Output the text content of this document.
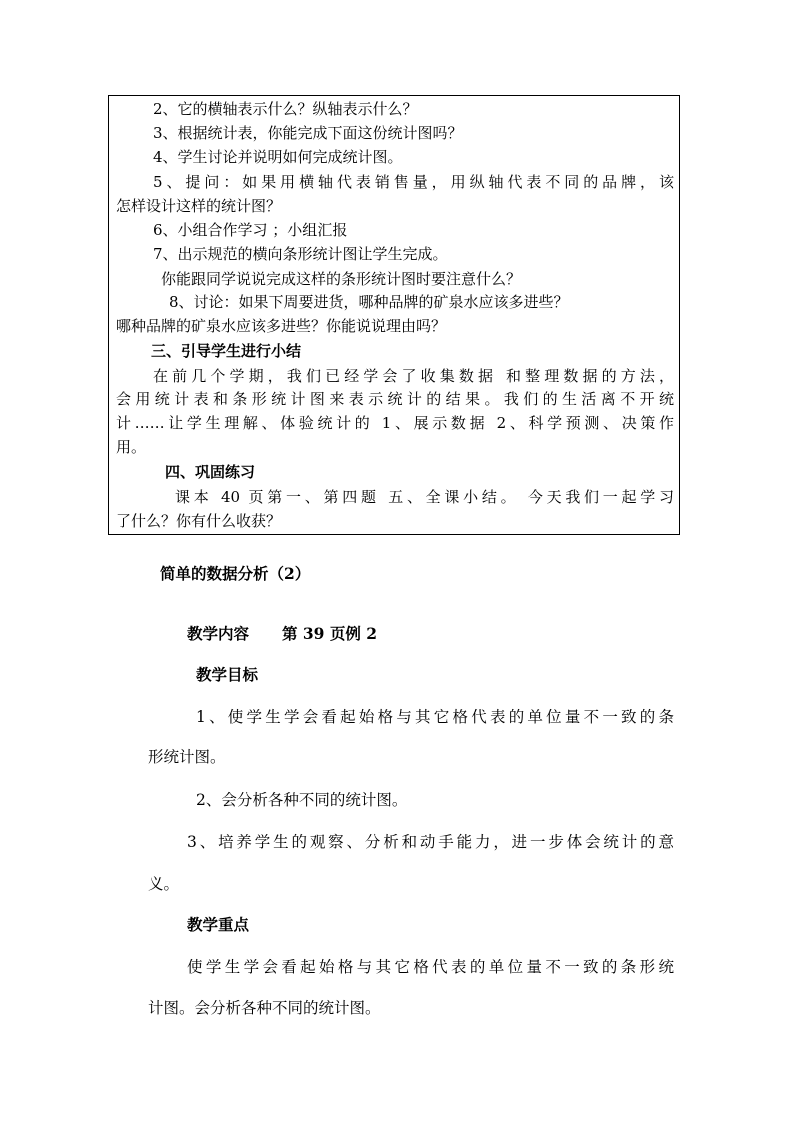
2、它的横轴表示什么？纵轴表示什么？
3、根据统计表，你能完成下面这份统计图吗？
4、学生讨论并说明如何完成统计图。
5、提问：如果用横轴代表销售量，用纵轴代表不同的品牌，该
怎样设计这样的统计图？
6、小组合作学习 ；小组汇报
7、出示规范的横向条形统计图让学生完成。
你能跟同学说说完成这样的条形统计图时要注意什么？
8、讨论：如果下周要进货，哪种品牌的矿泉水应该多进些？
哪种品牌的矿泉水应该多进些？你能说说理由吗？
三、引导学生进行小结
在前几个学期，我们已经学会了收集数据 和整理数据的方法，
会用统计表和条形统计图来表示统计的结果。我们的生活离不开统
计……让学生理解、体验统计的 1、展示数据 2、科学预测、决策作
用。
四、巩固练习
课本 40 页第一、第四题 五、全课小结。 今天我们一起学习
了什么？你有什么收获？
简单的数据分析（2）
教学内容 第 39 页例 2
教学目标
1、使学生学会看起始格与其它格代表的单位量不一致的条
形统计图。
2、会分析各种不同的统计图。
3、培养学生的观察、分析和动手能力，进一步体会统计的意
义。
教学重点
使学生学会看起始格与其它格代表的单位量不一致的条形统
计图。会分析各种不同的统计图。
